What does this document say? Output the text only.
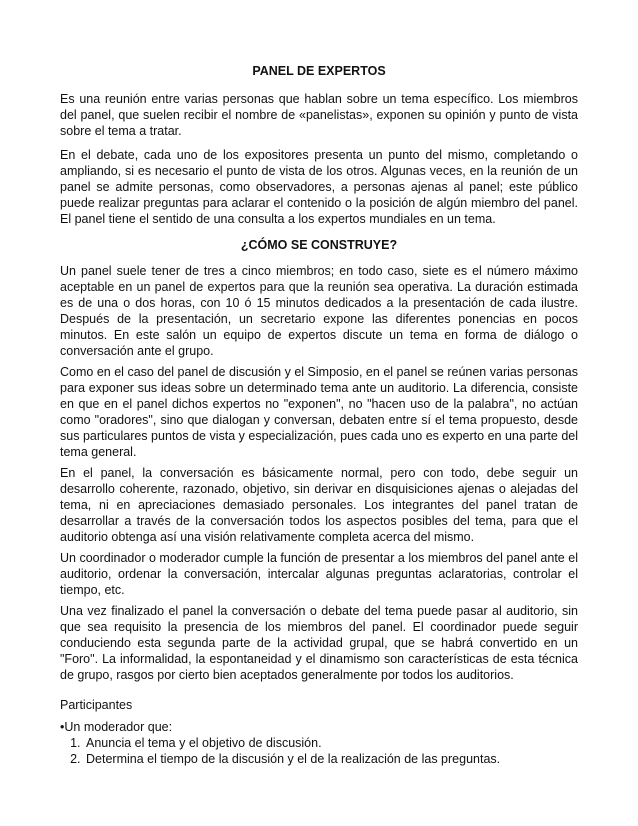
PANEL DE EXPERTOS

Es una reunión entre varias personas que hablan sobre un tema específico. Los miembros del panel, que suelen recibir el nombre de «panelistas», exponen su opinión y punto de vista sobre el tema a tratar.

En el debate, cada uno de los expositores presenta un punto del mismo, completando o ampliando, si es necesario el punto de vista de los otros. Algunas veces, en la reunión de un panel se admite personas, como observadores, a personas ajenas al panel; este público puede realizar preguntas para aclarar el contenido o la posición de algún miembro del panel. El panel tiene el sentido de una consulta a los expertos mundiales en un tema.

¿CÓMO SE CONSTRUYE?

Un panel suele tener de tres a cinco miembros; en todo caso, siete es el número máximo aceptable en un panel de expertos para que la reunión sea operativa. La duración estimada es de una o dos horas, con 10 ó 15 minutos dedicados a la presentación de cada ilustre. Después de la presentación, un secretario expone las diferentes ponencias en pocos minutos. En este salón un equipo de expertos discute un tema en forma de diálogo o conversación ante el grupo.

Como en el caso del panel de discusión y el Simposio, en el panel se reúnen varias personas para exponer sus ideas sobre un determinado tema ante un auditorio. La diferencia, consiste en que en el panel dichos expertos no "exponen", no "hacen uso de la palabra", no actúan como "oradores", sino que dialogan y conversan, debaten entre sí el tema propuesto, desde sus particulares puntos de vista y especialización, pues cada uno es experto en una parte del tema general.

En el panel, la conversación es básicamente normal, pero con todo, debe seguir un desarrollo coherente, razonado, objetivo, sin derivar en disquisiciones ajenas o alejadas del tema, ni en apreciaciones demasiado personales. Los integrantes del panel tratan de desarrollar a través de la conversación todos los aspectos posibles del tema, para que el auditorio obtenga así una visión relativamente completa acerca del mismo.

Un coordinador o moderador cumple la función de presentar a los miembros del panel ante el auditorio, ordenar la conversación, intercalar algunas preguntas aclaratorias, controlar el tiempo, etc.

Una vez finalizado el panel la conversación o debate del tema puede pasar al auditorio, sin que sea requisito la presencia de los miembros del panel. El coordinador puede seguir conduciendo esta segunda parte de la actividad grupal, que se habrá convertido en un "Foro". La informalidad, la espontaneidad y el dinamismo son características de esta técnica de grupo, rasgos por cierto bien aceptados generalmente por todos los auditorios.

Participantes
•Un moderador que:
1. Anuncia el tema y el objetivo de discusión.
2. Determina el tiempo de la discusión y el de la realización de las preguntas.
